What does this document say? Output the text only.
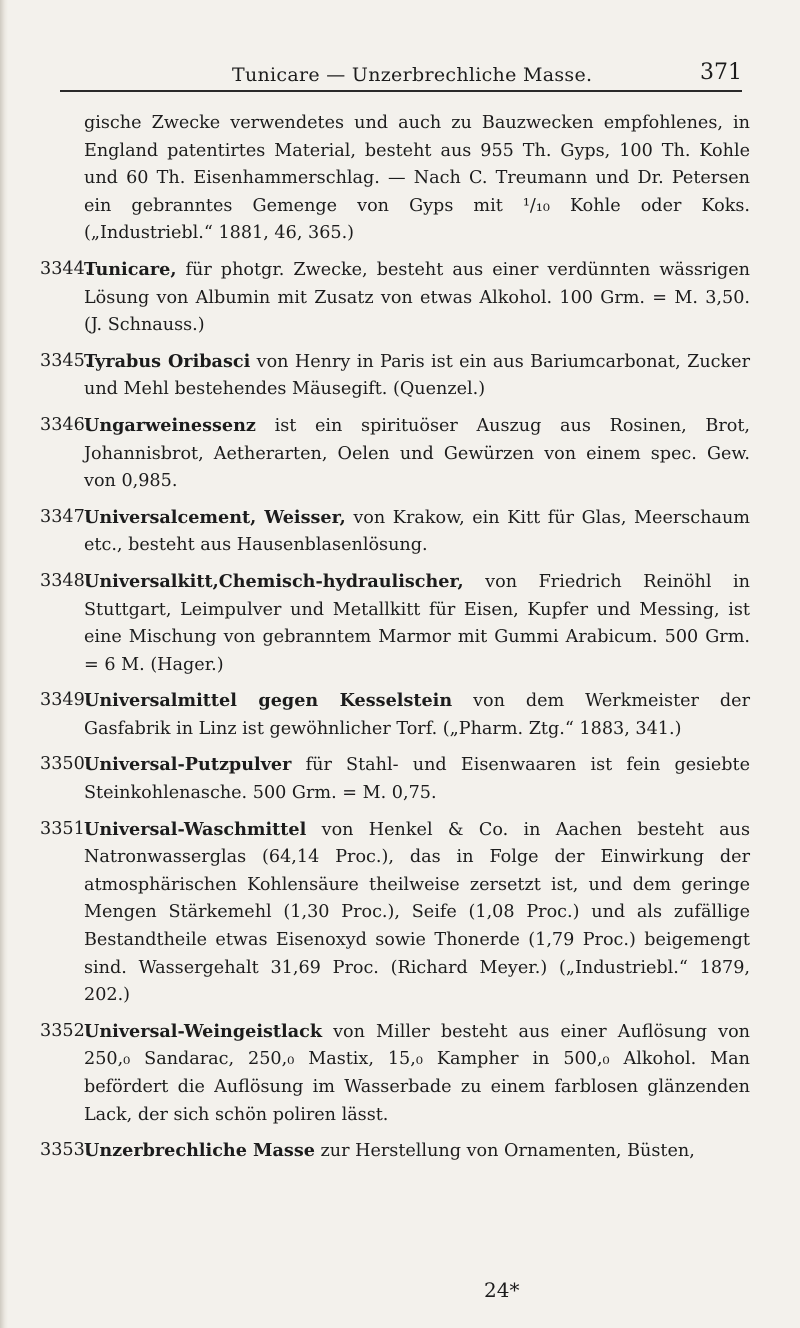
Tunicare — Unzerbrechliche Masse.	371
gische Zwecke verwendetes und auch zu Bauzwecken empfohlenes, in England patentirtes Material, besteht aus 955 Th. Gyps, 100 Th. Kohle und 60 Th. Eisenhammerschlag. — Nach C. Treumann und Dr. Petersen ein gebranntes Gemenge von Gyps mit ¹/₁₀ Kohle oder Koks. („Industriebl.“ 1881, 46, 365.)
3344.
Tunicare, für photgr. Zwecke, besteht aus einer verdünnten wässrigen Lösung von Albumin mit Zusatz von etwas Alkohol. 100 Grm. = M. 3,50. (J. Schnauss.)
3345.
Tyrabus Oribasci von Henry in Paris ist ein aus Bariumcarbonat, Zucker und Mehl bestehendes Mäusegift. (Quenzel.)
3346.
Ungarweinessenz ist ein spirituöser Auszug aus Rosinen, Brot, Johannisbrot, Aetherarten, Oelen und Gewürzen von einem spec. Gew. von 0,985.
3347.
Universalcement, Weisser, von Krakow, ein Kitt für Glas, Meerschaum etc., besteht aus Hausenblasenlösung.
3348.
Universalkitt,Chemisch-hydraulischer, von Friedrich Reinöhl in Stuttgart, Leimpulver und Metallkitt für Eisen, Kupfer und Messing, ist eine Mischung von gebranntem Marmor mit Gummi Arabicum. 500 Grm. = 6 M. (Hager.)
3349.
Universalmittel gegen Kesselstein von dem Werkmeister der Gasfabrik in Linz ist gewöhnlicher Torf. („Pharm. Ztg.“ 1883, 341.)
3350.
Universal-Putzpulver für Stahl- und Eisenwaaren ist fein gesiebte Steinkohlenasche. 500 Grm. = M. 0,75.
3351.
Universal-Waschmittel von Henkel & Co. in Aachen besteht aus Natronwasserglas (64,14 Proc.), das in Folge der Einwirkung der atmosphärischen Kohlensäure theilweise zersetzt ist, und dem geringe Mengen Stärkemehl (1,30 Proc.), Seife (1,08 Proc.) und als zufällige Bestandtheile etwas Eisenoxyd sowie Thonerde (1,79 Proc.) beigemengt sind. Wassergehalt 31,69 Proc. (Richard Meyer.) („Industriebl.“ 1879, 202.)
3352.
Universal-Weingeistlack von Miller besteht aus einer Auflösung von 250,₀ Sandarac, 250,₀ Mastix, 15,₀ Kampher in 500,₀ Alkohol. Man befördert die Auflösung im Wasserbade zu einem farblosen glänzenden Lack, der sich schön poliren lässt.
3353.
Unzerbrechliche Masse zur Herstellung von Ornamenten, Büsten,
24*
